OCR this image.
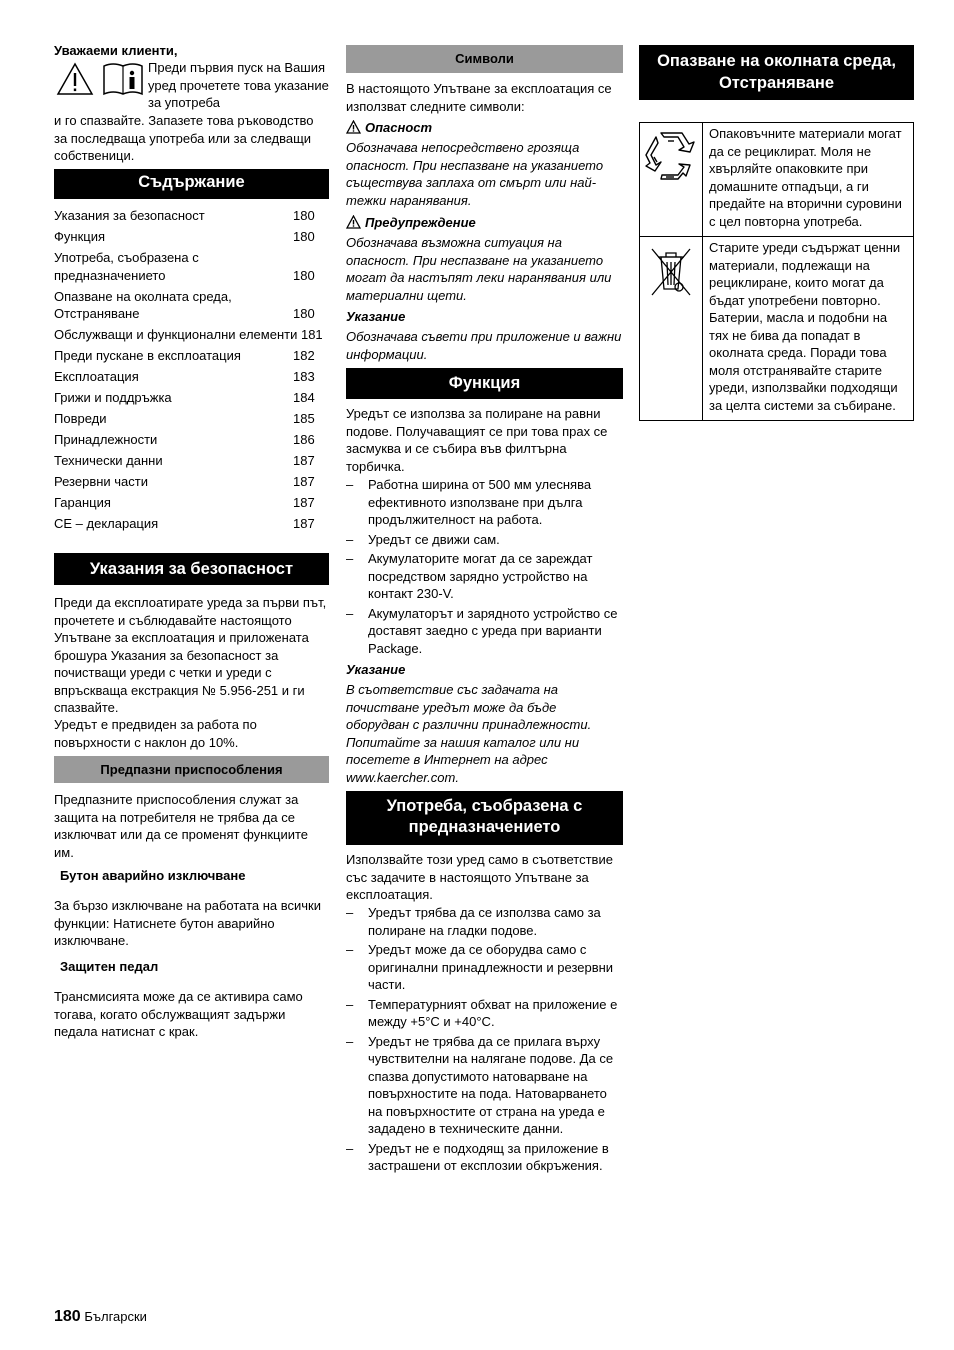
Уважаеми клиенти,

Преди първия пуск на Вашия уред прочетете това указание за употреба

и го спазвайте. Запазете това ръководство за последваща употреба или за следващи собственици.

Съдържание
Указания за безопасност	180
Функция	180
Употреба, съобразена с предназначението	180
Опазване на околната среда, Отстраняване	180
Обслужващи и функционални елементи 181
Преди пускане в експлоатация	182
Експлоатация	183
Грижи и поддръжка	184
Повреди	185
Принадлежности	186
Технически данни	187
Резервни части	187
Гаранция	187
CE – декларация	187
Указания за безопасност

Преди да експлоатирате уреда за първи път, прочетете и съблюдавайте настоящото Упътване за експлоатация и приложената брошура Указания за безопасност за почистващи уреди с четки и уреди с впръскваща екстракция № 5.956-251 и ги спазвайте.

Уредът е предвиден за работа по повърхности с наклон до 10%.

Предпазни приспособления

Предпазните приспособления служат за защита на потребителя не трябва да се изключват или да се променят функциите им.

Бутон аварийно изключване

За бързо изключване на работата на всички функции: Натиснете бутон аварийно изключване.

Защитен педал

Трансмисията може да се активира само тогава, когато обслужващият задържи педала натиснат с крак.

Символи

В настоящото Упътване за експлоатация се използват следните символи:

Опасност

Обозначава непосредствено грозяща опасност. При неспазване на указанието съществува заплаха от смърт или най-тежки наранявания.

Предупреждение

Обозначава възможна ситуация на опасност. При неспазване на указанието могат да настъпят леки наранявания или материални щети.

Указание

Обозначава съвети при приложение и важни информации.

Функция

Уредът се използва за полиране на равни подове. Получаващият се при това прах се засмуква и се събира във филтърна торбичка.

– Работна ширина от 500 мм улеснява ефективното използване при дълга продължителност на работа.
– Уредът се движи сам.
– Акумулаторите могат да се зареждат посредством зарядно устройство на контакт 230-V.
– Акумулаторът и зарядното устройство се доставят заедно с уреда при варианти Package.

Указание

В съответствие със задачата на почистване уредът може да бъде оборудван с различни принадлежности. Попитайте за нашия каталог или ни посетете в Интернет на адрес www.kaercher.com.

Употреба, съобразена с предназначението

Използвайте този уред само в съответствие със задачите в настоящото Упътване за експлоатация.

– Уредът трябва да се използва само за полиране на гладки подове.
– Уредът може да се оборудва само с оригинални принадлежности и резервни части.
– Температурният обхват на приложение е между +5°C и +40°C.
– Уредът не трябва да се прилага върху чувствителни на налягане подове. Да се спазва допустимото натоварване на повърхностите на пода. Натоварването на повърхностите от страна на уреда е зададено в техническите данни.
– Уредът не е подходящ за приложение в застрашени от експлозии обкръжения.
Опазване на околната среда, Отстраняване
	Опаковъчните материали могат да се рециклират. Моля не хвърляйте опаковките при домашните отпадъци, а ги предайте на вторични суровини с цел повторна употреба.
	Старите уреди съдържат ценни материали, подлежащи на рециклиране, които могат да бъдат употребени повторно. Батерии, масла и подобни на тях не бива да попадат в околната среда. Поради това моля отстранявайте старите уреди, използвайки подходящи за целта системи за събиране.
180 Български
